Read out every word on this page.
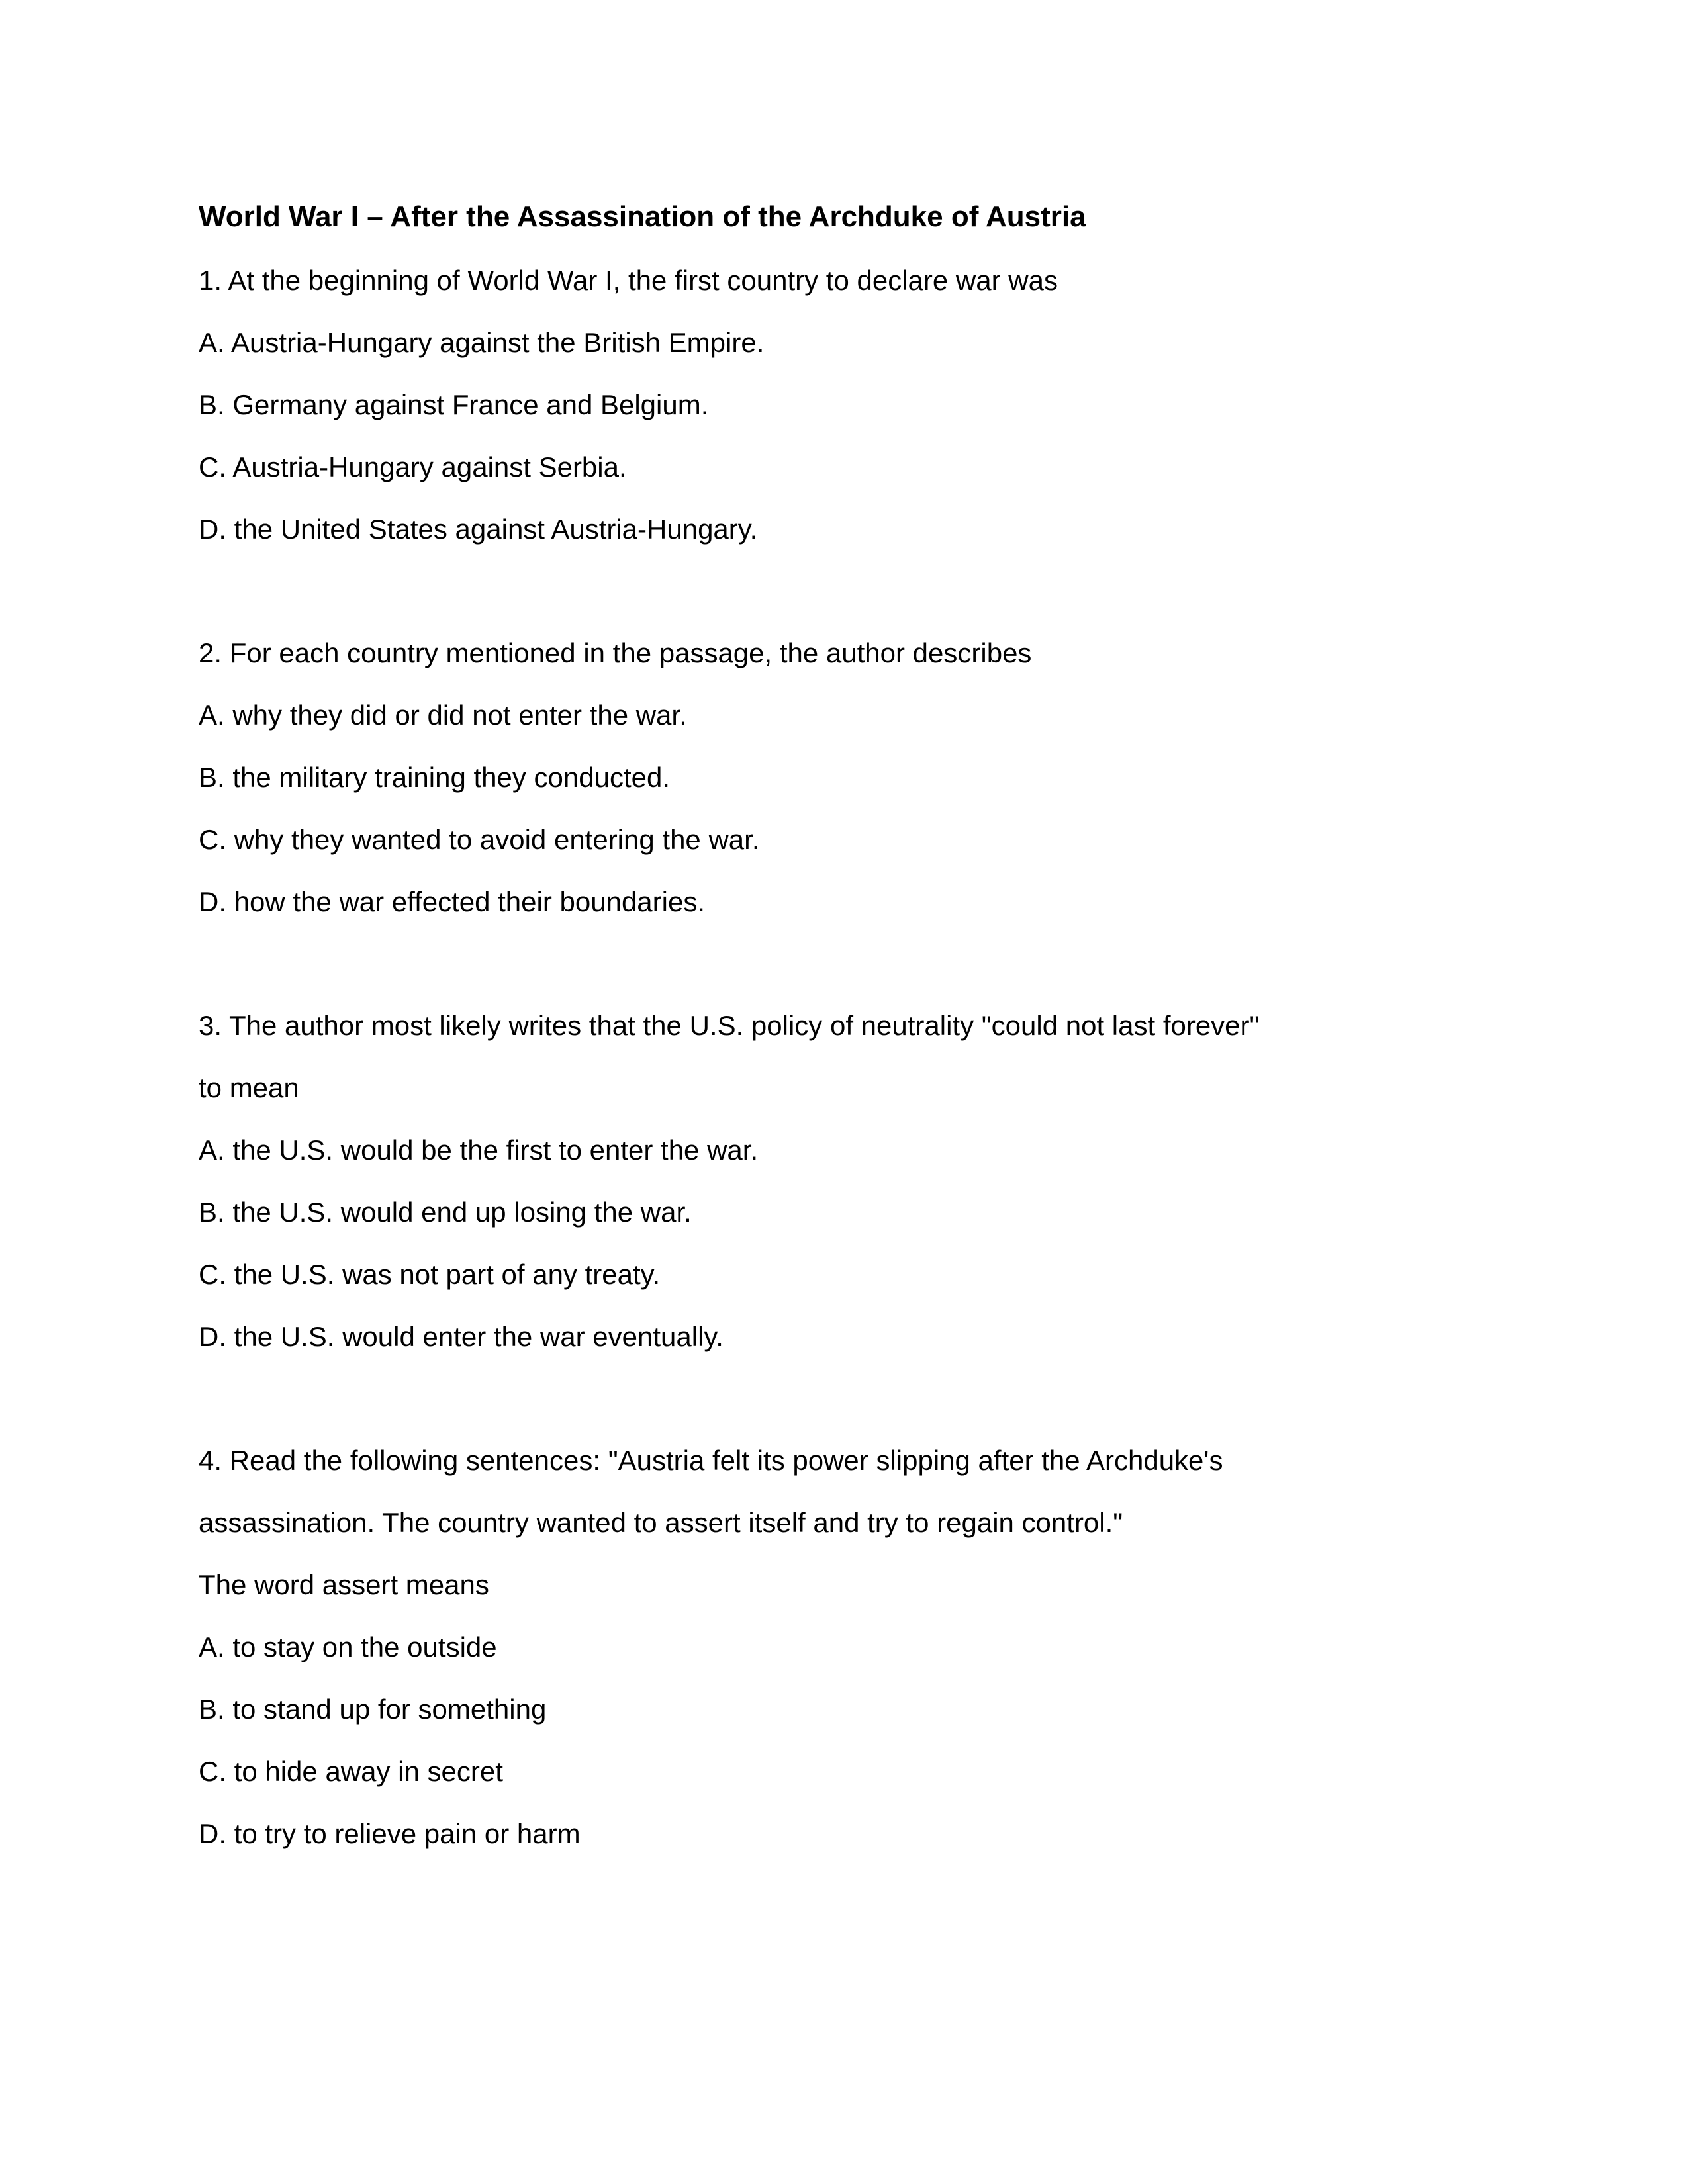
World War I – After the Assassination of the Archduke of Austria

1. At the beginning of World War I, the first country to declare war was

A. Austria-Hungary against the British Empire.

B. Germany against France and Belgium.

C. Austria-Hungary against Serbia.

D. the United States against Austria-Hungary.

2. For each country mentioned in the passage, the author describes

A. why they did or did not enter the war.

B. the military training they conducted.

C. why they wanted to avoid entering the war.

D. how the war effected their boundaries.

3. The author most likely writes that the U.S. policy of neutrality "could not last forever"

to mean

A. the U.S. would be the first to enter the war.

B. the U.S. would end up losing the war.

C. the U.S. was not part of any treaty.

D. the U.S. would enter the war eventually.

4. Read the following sentences: "Austria felt its power slipping after the Archduke's

assassination. The country wanted to assert itself and try to regain control."

The word assert means

A. to stay on the outside

B. to stand up for something

C. to hide away in secret

D. to try to relieve pain or harm
